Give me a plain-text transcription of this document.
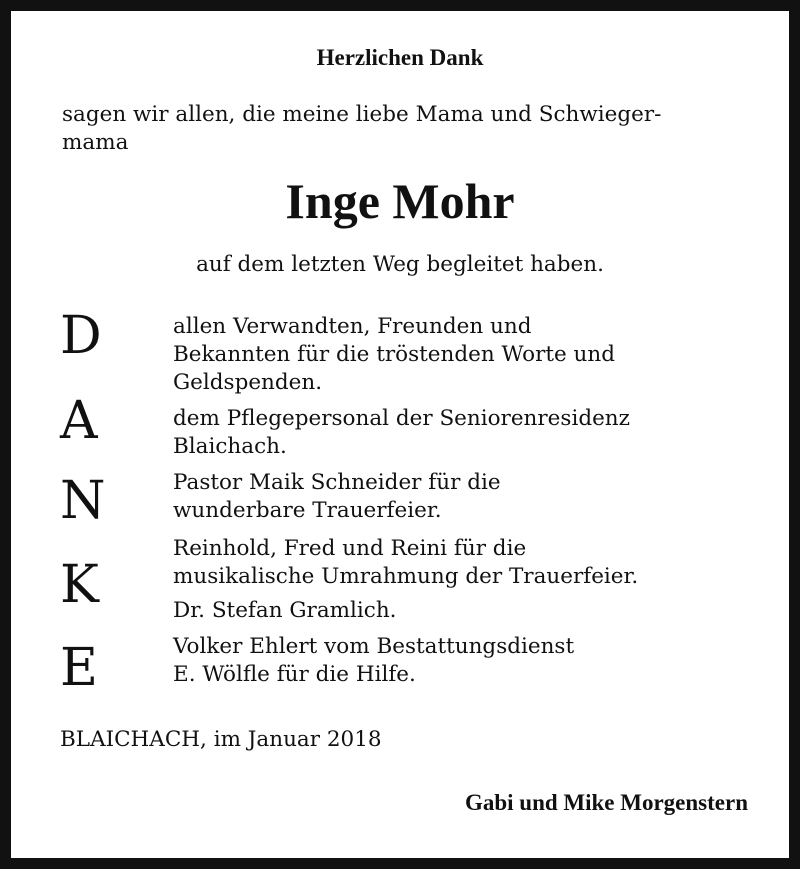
Herzlichen Dank
sagen wir allen, die meine liebe Mama und Schwieger-
mama
Inge Mohr
auf dem letzten Weg begleitet haben.
D
A
N
K
E
allen Verwandten, Freunden und
Bekannten für die tröstenden Worte und
Geldspenden.
dem Pflegepersonal der Seniorenresidenz
Blaichach.
Pastor Maik Schneider für die
wunderbare Trauerfeier.
Reinhold, Fred und Reini für die
musikalische Umrahmung der Trauerfeier.
Dr. Stefan Gramlich.
Volker Ehlert vom Bestattungsdienst
E. Wölfle für die Hilfe.
BLAICHACH, im Januar 2018
Gabi und Mike Morgenstern
